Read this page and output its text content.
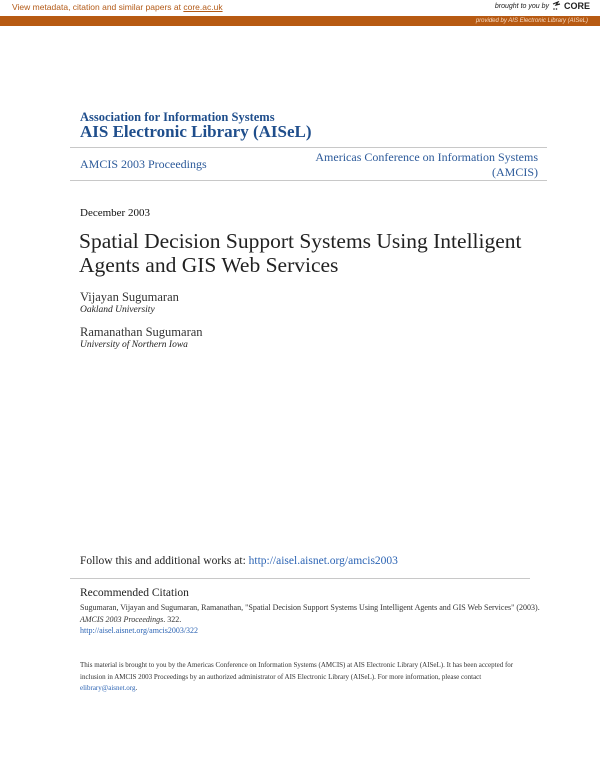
View metadata, citation and similar papers at core.ac.uk	brought to you by CORE
provided by AIS Electronic Library (AISeL)
Association for Information Systems
AIS Electronic Library (AISeL)
AMCIS 2003 Proceedings	Americas Conference on Information Systems
(AMCIS)
December 2003
Spatial Decision Support Systems Using Intelligent
Agents and GIS Web Services
Vijayan Sugumaran
Oakland University
Ramanathan Sugumaran
University of Northern Iowa
Follow this and additional works at: http://aisel.aisnet.org/amcis2003
Recommended Citation
Sugumaran, Vijayan and Sugumaran, Ramanathan, "Spatial Decision Support Systems Using Intelligent Agents and GIS Web Services" (2003). AMCIS 2003 Proceedings. 322.
http://aisel.aisnet.org/amcis2003/322
This material is brought to you by the Americas Conference on Information Systems (AMCIS) at AIS Electronic Library (AISeL). It has been accepted for inclusion in AMCIS 2003 Proceedings by an authorized administrator of AIS Electronic Library (AISeL). For more information, please contact elibrary@aisnet.org.
